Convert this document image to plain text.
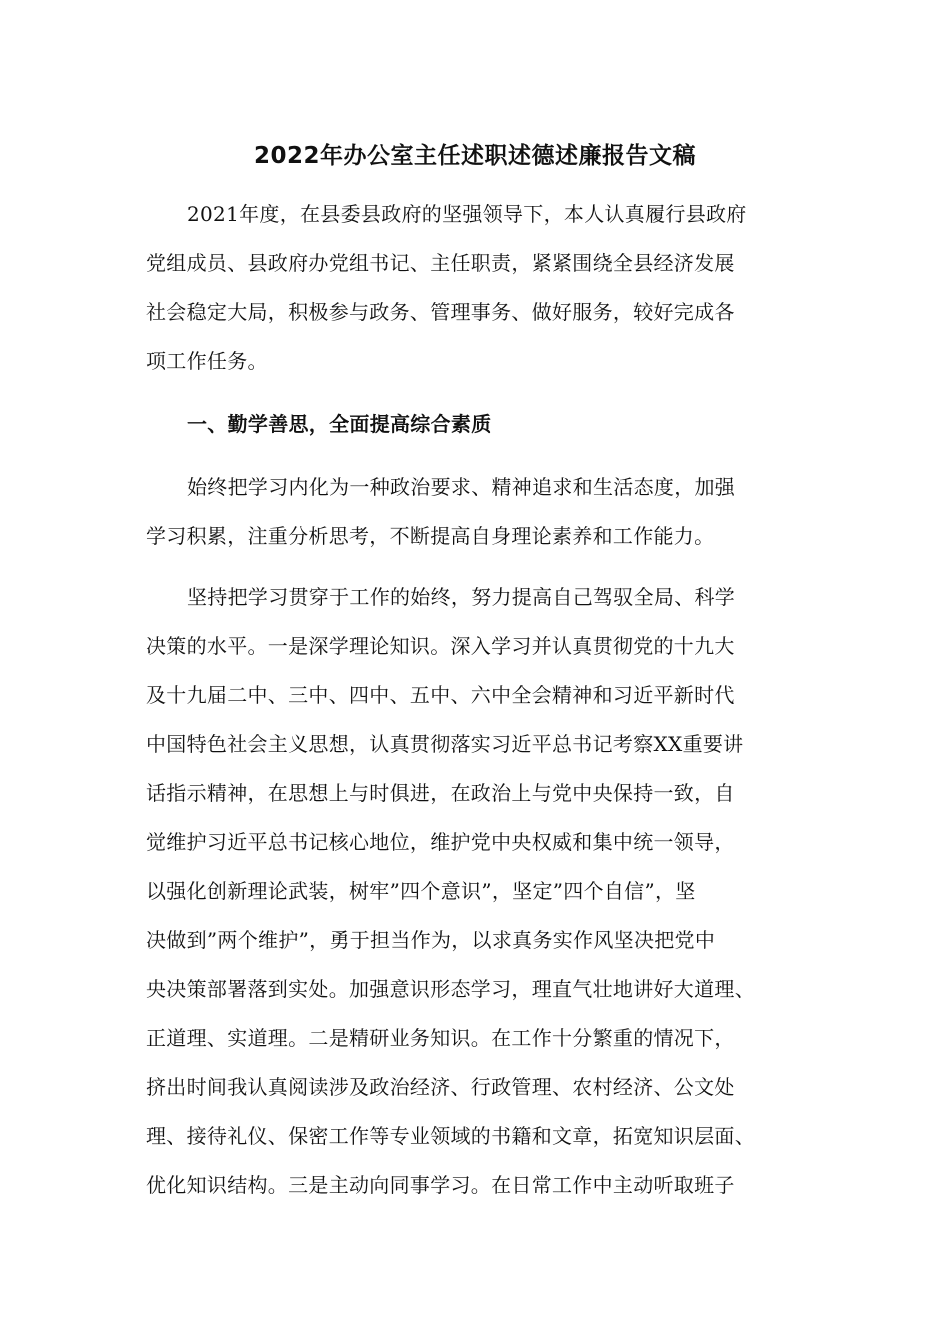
2022年办公室主任述职述德述廉报告文稿
2021年度，在县委县政府的坚强领导下，本人认真履行县政府
党组成员、县政府办党组书记、主任职责，紧紧围绕全县经济发展
社会稳定大局，积极参与政务、管理事务、做好服务，较好完成各
项工作任务。
一、勤学善思，全面提高综合素质
始终把学习内化为一种政治要求、精神追求和生活态度，加强
学习积累，注重分析思考，不断提高自身理论素养和工作能力。
坚持把学习贯穿于工作的始终，努力提高自己驾驭全局、科学
决策的水平。一是深学理论知识。深入学习并认真贯彻党的十九大
及十九届二中、三中、四中、五中、六中全会精神和习近平新时代
中国特色社会主义思想，认真贯彻落实习近平总书记考察XX重要讲
话指示精神，在思想上与时俱进，在政治上与党中央保持一致，自
觉维护习近平总书记核心地位，维护党中央权威和集中统一领导，
以强化创新理论武装，树牢”四个意识”，坚定”四个自信”，坚
决做到”两个维护”，勇于担当作为，以求真务实作风坚决把党中
央决策部署落到实处。加强意识形态学习，理直气壮地讲好大道理、
正道理、实道理。二是精研业务知识。在工作十分繁重的情况下，
挤出时间我认真阅读涉及政治经济、行政管理、农村经济、公文处
理、接待礼仪、保密工作等专业领域的书籍和文章，拓宽知识层面、
优化知识结构。三是主动向同事学习。在日常工作中主动听取班子
